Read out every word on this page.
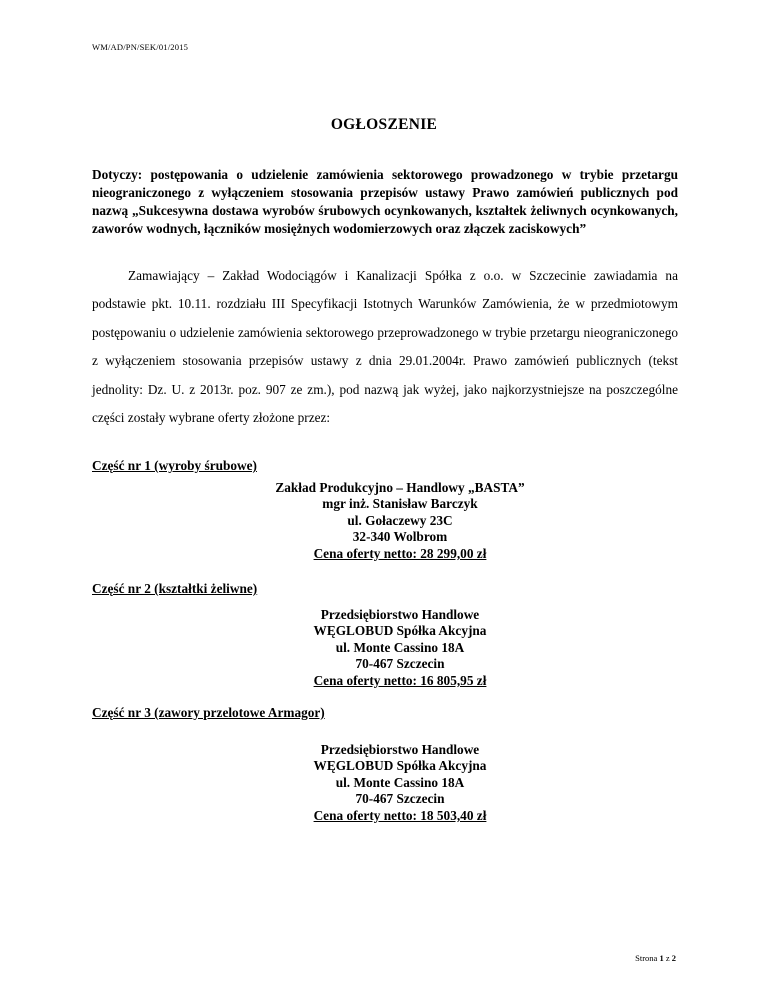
WM/AD/PN/SEK/01/2015
OGŁOSZENIE
Dotyczy: postępowania o udzielenie zamówienia sektorowego prowadzonego w trybie przetargu nieograniczonego z wyłączeniem stosowania przepisów ustawy Prawo zamówień publicznych pod nazwą „Sukcesywna dostawa wyrobów śrubowych ocynkowanych, kształtek żeliwnych ocynkowanych, zaworów wodnych, łączników mosiężnych wodomierzowych oraz złączek zaciskowych”
Zamawiający – Zakład Wodociągów i Kanalizacji Spółka z o.o. w Szczecinie zawiadamia na podstawie pkt. 10.11. rozdziału III Specyfikacji Istotnych Warunków Zamówienia, że w przedmiotowym postępowaniu o udzielenie zamówienia sektorowego przeprowadzonego w trybie przetargu nieograniczonego z wyłączeniem stosowania przepisów ustawy z dnia 29.01.2004r. Prawo zamówień publicznych (tekst jednolity: Dz. U. z 2013r. poz. 907 ze zm.), pod nazwą jak wyżej, jako najkorzystniejsze na poszczególne części zostały wybrane oferty złożone przez:
Część nr 1 (wyroby śrubowe)
Zakład Produkcyjno – Handlowy „BASTA”
mgr inż. Stanisław Barczyk
ul. Gołaczewy 23C
32-340 Wolbrom
Cena oferty netto: 28 299,00 zł
Część nr 2 (kształtki żeliwne)
Przedsiębiorstwo Handlowe
WĘGLOBUD Spółka Akcyjna
ul. Monte Cassino 18A
70-467 Szczecin
Cena oferty netto: 16 805,95 zł
Część nr 3 (zawory przelotowe Armagor)
Przedsiębiorstwo Handlowe
WĘGLOBUD Spółka Akcyjna
ul. Monte Cassino 18A
70-467 Szczecin
Cena oferty netto: 18 503,40 zł
Strona 1 z 2
